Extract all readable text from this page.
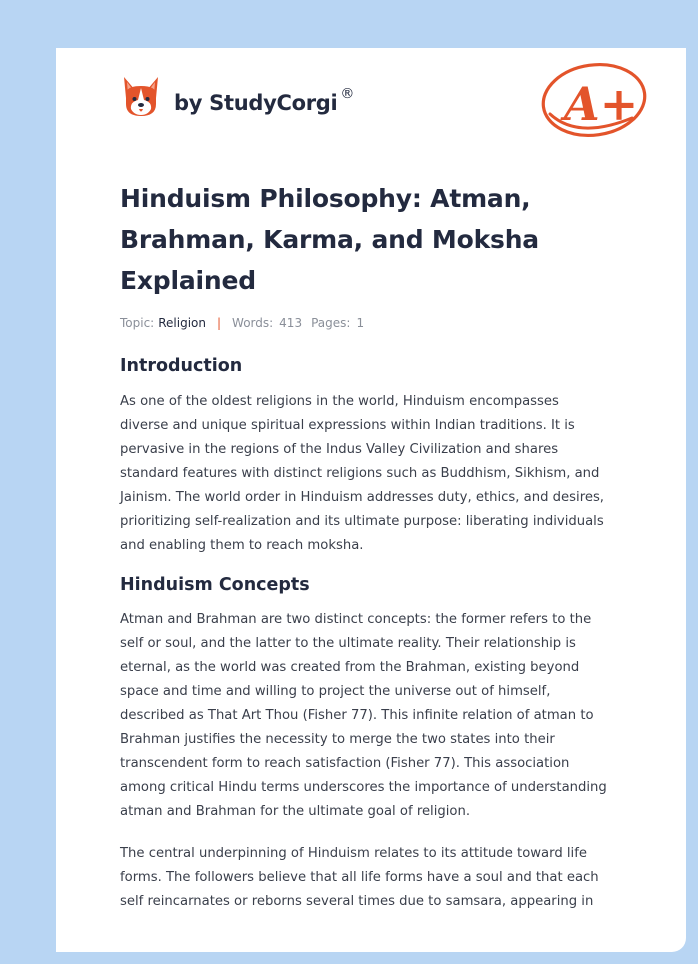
by StudyCorgi ®	A+
Hinduism Philosophy: Atman,
Brahman, Karma, and Moksha
Explained
Topic: Religion | Words: 413 Pages: 1
Introduction

As one of the oldest religions in the world, Hinduism encompasses
diverse and unique spiritual expressions within Indian traditions. It is
pervasive in the regions of the Indus Valley Civilization and shares
standard features with distinct religions such as Buddhism, Sikhism, and
Jainism. The world order in Hinduism addresses duty, ethics, and desires,
prioritizing self-realization and its ultimate purpose: liberating individuals
and enabling them to reach moksha.

Hinduism Concepts

Atman and Brahman are two distinct concepts: the former refers to the
self or soul, and the latter to the ultimate reality. Their relationship is
eternal, as the world was created from the Brahman, existing beyond
space and time and willing to project the universe out of himself,
described as That Art Thou (Fisher 77). This infinite relation of atman to
Brahman justifies the necessity to merge the two states into their
transcendent form to reach satisfaction (Fisher 77). This association
among critical Hindu terms underscores the importance of understanding
atman and Brahman for the ultimate goal of religion.

The central underpinning of Hinduism relates to its attitude toward life
forms. The followers believe that all life forms have a soul and that each
self reincarnates or reborns several times due to samsara, appearing in
